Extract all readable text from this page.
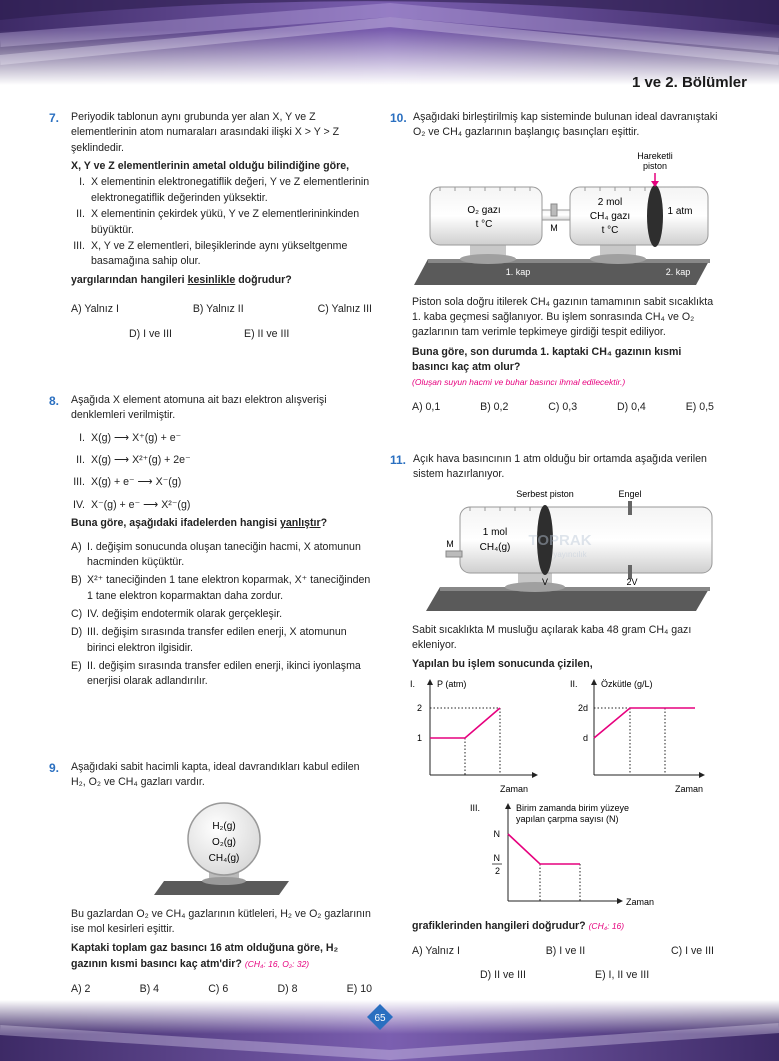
1 ve 2. Bölümler
65
7.	Periyodik tablonun aynı grubunda yer alan X, Y ve Z elementlerinin atom numaraları arasındaki ilişki X > Y > Z şeklindedir.

X, Y ve Z elementlerinin ametal olduğu bilindiğine göre,

I. X elementinin elektronegatiflik değeri, Y ve Z elementlerinin elektronegatiflik değerinden yüksektir.
II. X elementinin çekirdek yükü, Y ve Z elementlerininkinden büyüktür.
III. X, Y ve Z elementleri, bileşiklerinde aynı yükseltgenme basamağına sahip olur.

yargılarından hangileri kesinlikle doğrudur?

A) Yalnız I	B) Yalnız II	C) Yalnız III
D) I ve III	E) II ve III
8.	Aşağıda X element atomuna ait bazı elektron alışverişi denklemleri verilmiştir.

I. X(g) ⟶ X⁺(g) + e⁻
II. X(g) ⟶ X²⁺(g) + 2e⁻
III. X(g) + e⁻ ⟶ X⁻(g)
IV. X⁻(g) + e⁻ ⟶ X²⁻(g)

Buna göre, aşağıdaki ifadelerden hangisi yanlıştır?

A) I. değişim sonucunda oluşan taneciğin hacmi, X atomunun hacminden küçüktür.
B) X²⁺ taneciğinden 1 tane elektron koparmak, X⁺ taneciğinden 1 tane elektron koparmaktan daha zordur.
C) IV. değişim endotermik olarak gerçekleşir.
D) III. değişim sırasında transfer edilen enerji, X atomunun birinci elektron ilgisidir.
E) II. değişim sırasında transfer edilen enerji, ikinci iyonlaşma enerjisi olarak adlandırılır.
9.	Aşağıdaki sabit hacimli kapta, ideal davrandıkları kabul edilen H₂, O₂ ve CH₄ gazları vardır.

H₂(g)
O₂(g)
CH₄(g)

Bu gazlardan O₂ ve CH₄ gazlarının kütleleri, H₂ ve O₂ gazlarının ise mol kesirleri eşittir.

Kaptaki toplam gaz basıncı 16 atm olduğuna göre, H₂ gazının kısmi basıncı kaç atm'dir? (CH₄: 16, O₂: 32)

A) 2	B) 4	C) 6	D) 8	E) 10
10. Aşağıdaki birleştirilmiş kap sisteminde bulunan ideal davranıştaki O₂ ve CH₄ gazlarının başlangıç basınçları eşittir.

M
Hareketli
piston
O₂ gazı
t °C
2 mol
CH₄ gazı
t °C
1 atm
1. kap	2. kap

Piston sola doğru itilerek CH₄ gazının tamamının sabit sıcaklıkta 1. kaba geçmesi sağlanıyor. Bu işlem sonrasında CH₄ ve O₂ gazlarının tam verimle tepkimeye girdiği tespit ediliyor.

Buna göre, son durumda 1. kaptaki CH₄ gazının kısmi basıncı kaç atm olur?

(Oluşan suyun hacmi ve buhar basıncı ihmal edilecektir.)

A) 0,1	B) 0,2	C) 0,3	D) 0,4	E) 0,5
11. Açık hava basıncının 1 atm olduğu bir ortamda aşağıda verilen sistem hazırlanıyor.

M
Serbest piston	Engel
1 mol
CH₄(g)
V	2V
TOPRAK
yayıncılık

Sabit sıcaklıkta M musluğu açılarak kaba 48 gram CH₄ gazı ekleniyor.

Yapılan bu işlem sonucunda çizilen,

I. P (atm)
2
1
Zaman
II.	Özkütle (g/L)
2d
d
Zaman
III.	Birim zamanda birim yüzeye
yapılan çarpma sayısı (N)
N
N
2
Zaman

grafiklerinden hangileri doğrudur? (CH₄: 16)

A) Yalnız I	B) I ve II	C) I ve III
D) II ve III	E) I, II ve III
